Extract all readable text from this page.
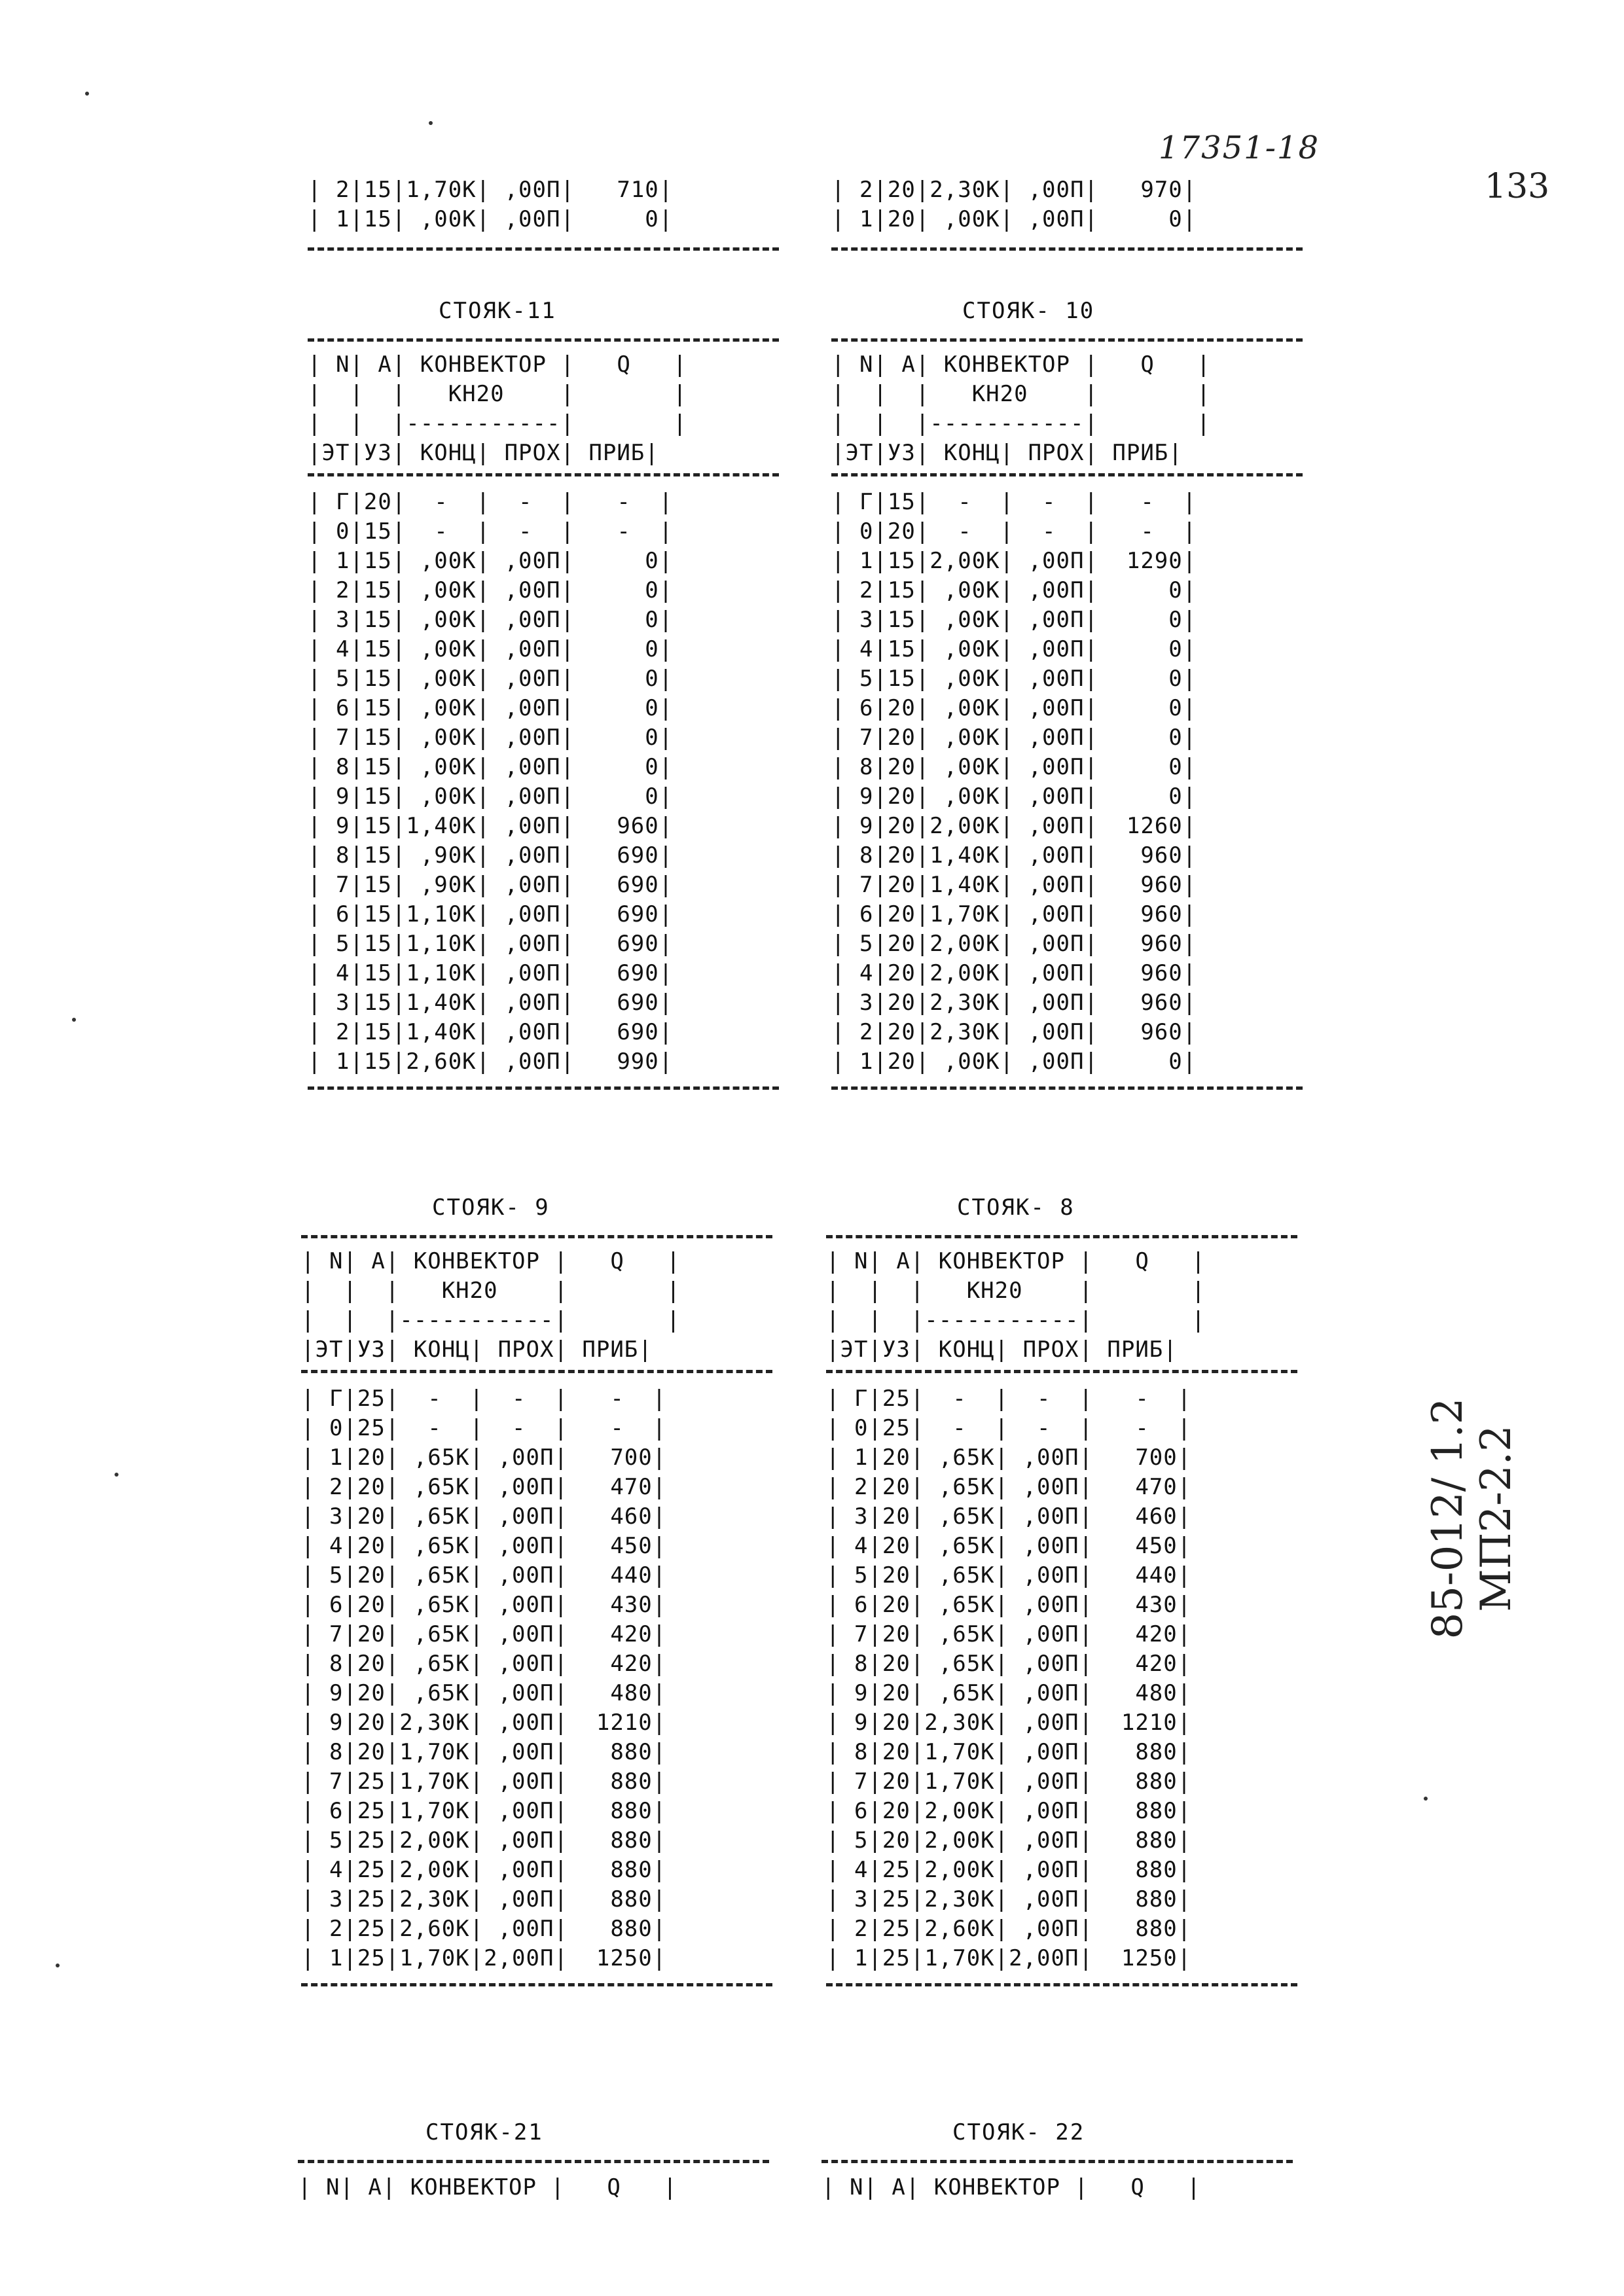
17351-18
133
85-012/ 1.2 МП2-2.2
| 2|15|1,70К| ,00П|   710|
| 1|15| ,00К| ,00П|     0|
| 2|20|2,30К| ,00П|   970|
| 1|20| ,00К| ,00П|     0|
СТОЯК-11
| N| А| КОНВЕКТОР |   Q   |
|  |  |   КН20    |       |
|  |  |-----------|       |
|ЭТ|УЗ| КОНЦ| ПРОХ| ПРИБ|
| Г|20|  -  |  -  |   -  |
| 0|15|  -  |  -  |   -  |
| 1|15| ,00К| ,00П|     0|
| 2|15| ,00К| ,00П|     0|
| 3|15| ,00К| ,00П|     0|
| 4|15| ,00К| ,00П|     0|
| 5|15| ,00К| ,00П|     0|
| 6|15| ,00К| ,00П|     0|
| 7|15| ,00К| ,00П|     0|
| 8|15| ,00К| ,00П|     0|
| 9|15| ,00К| ,00П|     0|
| 9|15|1,40К| ,00П|   960|
| 8|15| ,90К| ,00П|   690|
| 7|15| ,90К| ,00П|   690|
| 6|15|1,10К| ,00П|   690|
| 5|15|1,10К| ,00П|   690|
| 4|15|1,10К| ,00П|   690|
| 3|15|1,40К| ,00П|   690|
| 2|15|1,40К| ,00П|   690|
| 1|15|2,60К| ,00П|   990|
СТОЯК- 10
| N| А| КОНВЕКТОР |   Q   |
|  |  |   КН20    |       |
|  |  |-----------|       |
|ЭТ|УЗ| КОНЦ| ПРОХ| ПРИБ|
| Г|15|  -  |  -  |   -  |
| 0|20|  -  |  -  |   -  |
| 1|15|2,00К| ,00П|  1290|
| 2|15| ,00К| ,00П|     0|
| 3|15| ,00К| ,00П|     0|
| 4|15| ,00К| ,00П|     0|
| 5|15| ,00К| ,00П|     0|
| 6|20| ,00К| ,00П|     0|
| 7|20| ,00К| ,00П|     0|
| 8|20| ,00К| ,00П|     0|
| 9|20| ,00К| ,00П|     0|
| 9|20|2,00К| ,00П|  1260|
| 8|20|1,40К| ,00П|   960|
| 7|20|1,40К| ,00П|   960|
| 6|20|1,70К| ,00П|   960|
| 5|20|2,00К| ,00П|   960|
| 4|20|2,00К| ,00П|   960|
| 3|20|2,30К| ,00П|   960|
| 2|20|2,30К| ,00П|   960|
| 1|20| ,00К| ,00П|     0|
СТОЯК- 9
| N| А| КОНВЕКТОР |   Q   |
|  |  |   КН20    |       |
|  |  |-----------|       |
|ЭТ|УЗ| КОНЦ| ПРОХ| ПРИБ|
| Г|25|  -  |  -  |   -  |
| 0|25|  -  |  -  |   -  |
| 1|20| ,65К| ,00П|   700|
| 2|20| ,65К| ,00П|   470|
| 3|20| ,65К| ,00П|   460|
| 4|20| ,65К| ,00П|   450|
| 5|20| ,65К| ,00П|   440|
| 6|20| ,65К| ,00П|   430|
| 7|20| ,65К| ,00П|   420|
| 8|20| ,65К| ,00П|   420|
| 9|20| ,65К| ,00П|   480|
| 9|20|2,30К| ,00П|  1210|
| 8|20|1,70К| ,00П|   880|
| 7|25|1,70К| ,00П|   880|
| 6|25|1,70К| ,00П|   880|
| 5|25|2,00К| ,00П|   880|
| 4|25|2,00К| ,00П|   880|
| 3|25|2,30К| ,00П|   880|
| 2|25|2,60К| ,00П|   880|
| 1|25|1,70К|2,00П|  1250|
СТОЯК- 8
| N| А| КОНВЕКТОР |   Q   |
|  |  |   КН20    |       |
|  |  |-----------|       |
|ЭТ|УЗ| КОНЦ| ПРОХ| ПРИБ|
| Г|25|  -  |  -  |   -  |
| 0|25|  -  |  -  |   -  |
| 1|20| ,65К| ,00П|   700|
| 2|20| ,65К| ,00П|   470|
| 3|20| ,65К| ,00П|   460|
| 4|20| ,65К| ,00П|   450|
| 5|20| ,65К| ,00П|   440|
| 6|20| ,65К| ,00П|   430|
| 7|20| ,65К| ,00П|   420|
| 8|20| ,65К| ,00П|   420|
| 9|20| ,65К| ,00П|   480|
| 9|20|2,30К| ,00П|  1210|
| 8|20|1,70К| ,00П|   880|
| 7|20|1,70К| ,00П|   880|
| 6|20|2,00К| ,00П|   880|
| 5|20|2,00К| ,00П|   880|
| 4|25|2,00К| ,00П|   880|
| 3|25|2,30К| ,00П|   880|
| 2|25|2,60К| ,00П|   880|
| 1|25|1,70К|2,00П|  1250|
СТОЯК-21	СТОЯК- 22
| N| А| КОНВЕКТОР |   Q   |	| N| А| КОНВЕКТОР |   Q   |
